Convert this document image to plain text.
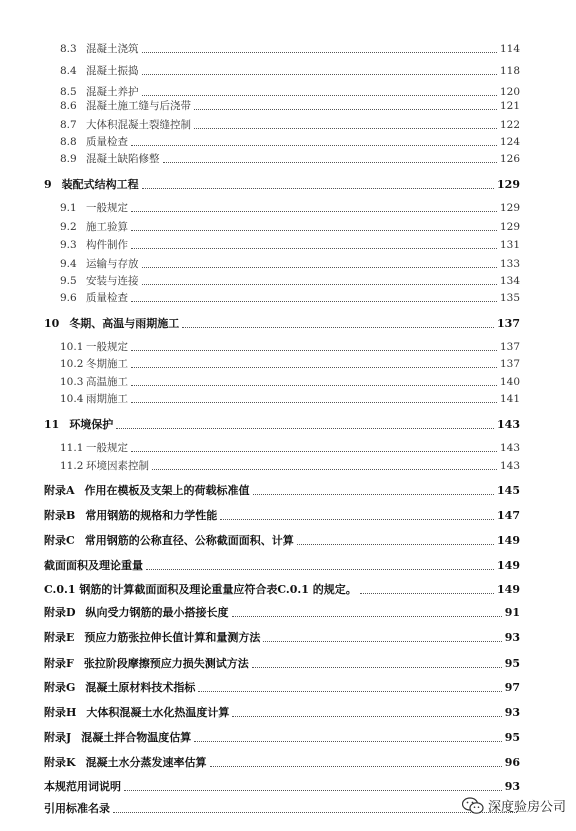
8.3 混凝土浇筑	114
8.4 混凝土振捣	118
8.5 混凝土养护	120
8.6 混凝土施工缝与后浇带	121
8.7 大体积混凝土裂缝控制	122
8.8 质量检查	124
8.9 混凝土缺陷修整	126
9 装配式结构工程	129
9.1 一般规定	129
9.2 施工验算	129
9.3 构件制作	131
9.4 运输与存放	133
9.5 安装与连接	134
9.6 质量检查	135
10 冬期、高温与雨期施工	137
10.1 一般规定	137
10.2 冬期施工	137
10.3 高温施工	140
10.4 雨期施工	141
11 环境保护	143
11.1 一般规定	143
11.2 环境因素控制	143
附录A 作用在模板及支架上的荷载标准值	145
附录B 常用钢筋的规格和力学性能	147
附录C 常用钢筋的公称直径、公称截面面积、计算	149
截面面积及理论重量	149
C.0.1 钢筋的计算截面面积及理论重量应符合表C.0.1 的规定。	149
附录D 纵向受力钢筋的最小搭接长度	91
附录E 预应力筋张拉伸长值计算和量测方法	93
附录F 张拉阶段摩擦预应力损失测试方法	95
附录G 混凝土原材料技术指标	97
附录H 大体积混凝土水化热温度计算	93
附录J 混凝土拌合物温度估算	95
附录K 混凝土水分蒸发速率估算	96
本规范用词说明	93
引用标准名录	深度验房公司
